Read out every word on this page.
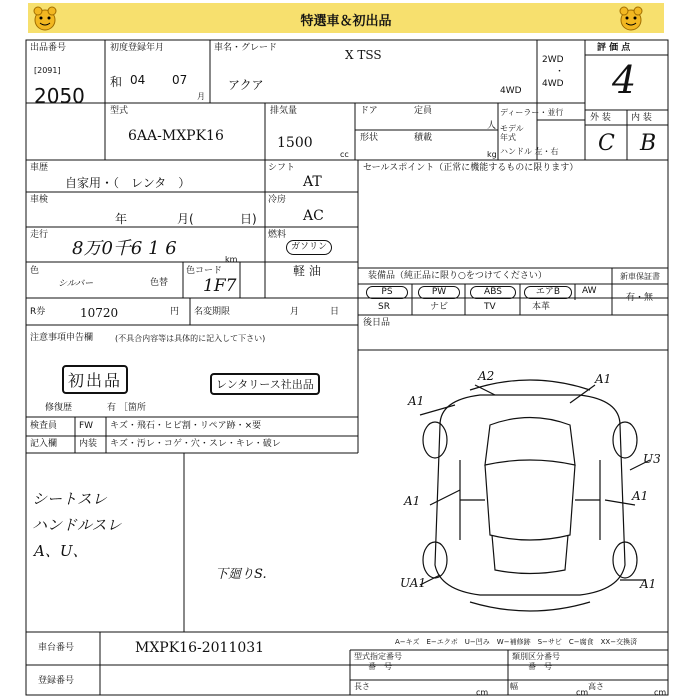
特選車＆初出品
出品番号
[2091]
2050
初度登録年月
和 04 07
月
車名・グレード	X TSS
アクア	4WD
2WD
・
4WD
評 価 点
4
型式
6AA-MXPK16
排気量
1500
cc
ドア	定員
人
形状	積載
kg
ディーラー・並行
モデル
年式
ハンドル 左・右
外 装 内 装
C B
車歴
自家用・（　レンタ　）
シフト
AT
セールスポイント（正常に機能するものに限ります）
車検
年	月(	日)
冷房
AC
走行
8万0千6 1 6
km
燃料
ガソリン
軽 油
色
シルバー	色替
色コード
1F7	装備品（純正品に限り○をつけてください）	新車保証書
有・無
PS	PW	ABS	エアB	AW
SR	ナビ	TV	本革
R券	10720	円 名変期限	月	日
後日品
注意事項申告欄	(不具合内容等は具体的に記入して下さい)
初出品	レンタリース社出品
修復歴	有 ［箇所
検査員
記入欄
FW キズ・飛石・ヒビ割・リペア跡・×要
内装 キズ・汚レ・コゲ・穴・スレ・キレ・破レ
シートスレ
ハンドルスレ
A、U、
A2	A1
A1
U3
A1	A1
UA1	A1
下廻りS.
車台番号	MXPK16-2011031
登録番号
A−キズ　E−エクボ　U−凹み　W−補修跡　S−サビ　C−腐食　XX−交換済
型式指定番号
番　号
類別区分番号
番　号
長さ
cm
幅
cm
高さ
cm
